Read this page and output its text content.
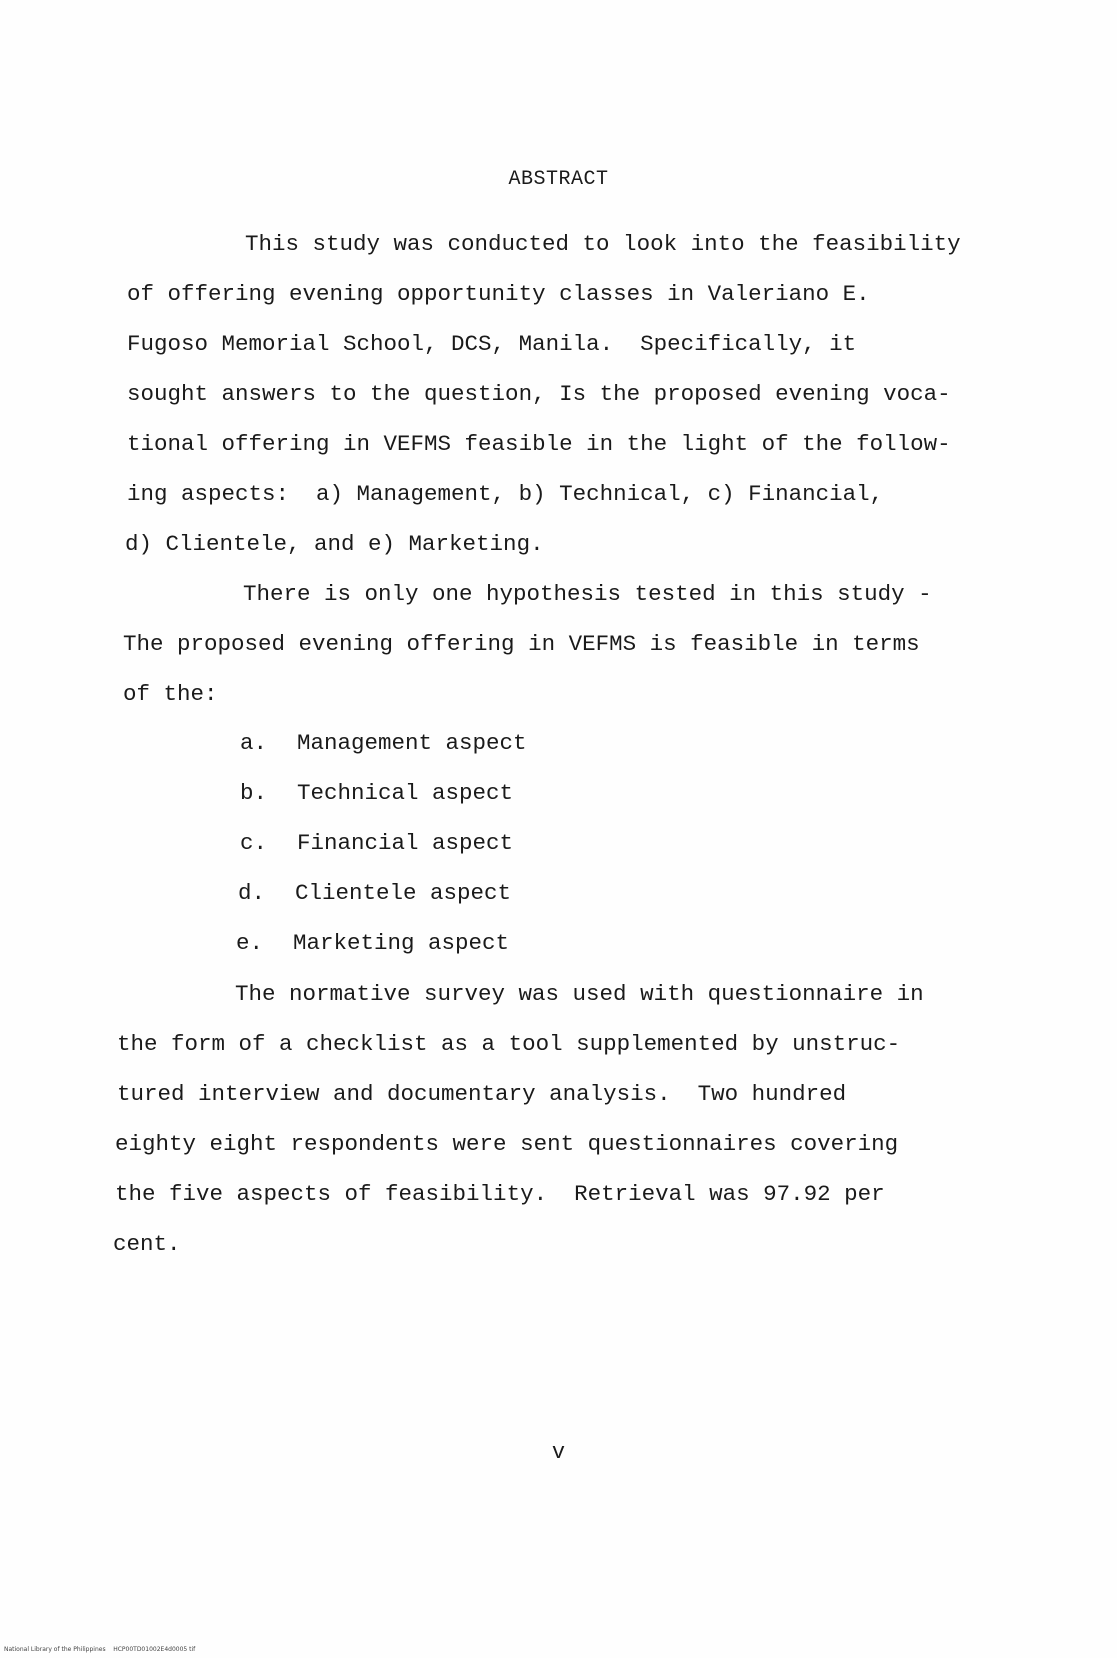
ABSTRACT
This study was conducted to look into the feasibility
of offering evening opportunity classes in Valeriano E.
Fugoso Memorial School, DCS, Manila.  Specifically, it
sought answers to the question, Is the proposed evening voca-
tional offering in VEFMS feasible in the light of the follow-
ing aspects:  a) Management, b) Technical, c) Financial,
d) Clientele, and e) Marketing.
There is only one hypothesis tested in this study -
The proposed evening offering in VEFMS is feasible in terms
of the:
a. Management aspect
b. Technical aspect
c. Financial aspect
d. Clientele aspect
e. Marketing aspect
The normative survey was used with questionnaire in
the form of a checklist as a tool supplemented by unstruc-
tured interview and documentary analysis.  Two hundred
eighty eight respondents were sent questionnaires covering
the five aspects of feasibility.  Retrieval was 97.92 per
cent.
v
National Library of the Philippines    HCP00TD01002E4d0005 tif
